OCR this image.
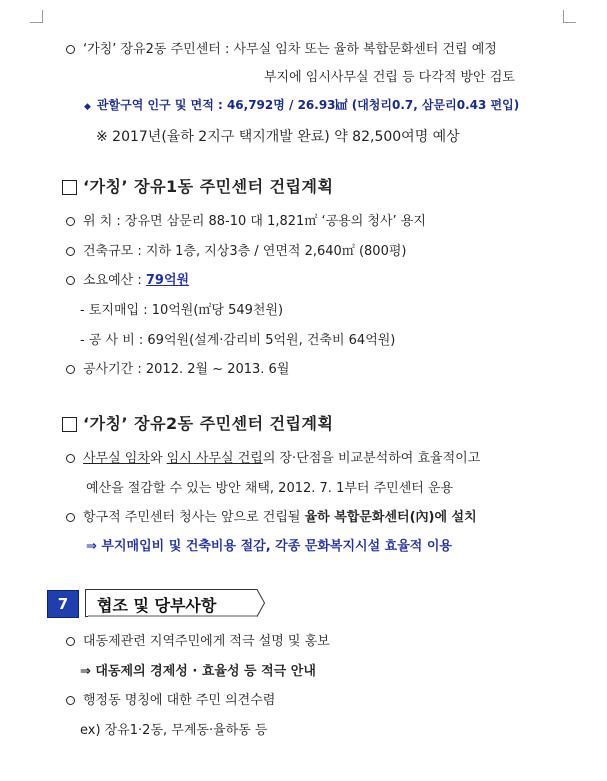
‘가칭’ 장유2동 주민센터 : 사무실 임차 또는 율하 복합문화센터 건립 예정
부지에 임시사무실 건립 등 다각적 방안 검토
◆ 관할구역 인구 및 면적 : 46,792명 / 26.93㎢ (대청리0.7, 삼문리0.43 편입)
※ 2017년(율하 2지구 택지개발 완료) 약 82,500여명 예상
‘가칭’ 장유1동 주민센터 건립계획
위 치 : 장유면 삼문리 88-10 대 1,821㎡ ‘공용의 청사’ 용지
건축규모 : 지하 1층, 지상3층 / 연면적 2,640㎡ (800평)
소요예산 : 79억원
- 토지매입 : 10억원(㎡당 549천원)
- 공 사 비 : 69억원(설계·감리비 5억원, 건축비 64억원)
공사기간 : 2012. 2월 ~ 2013. 6월
‘가칭’ 장유2동 주민센터 건립계획
사무실 임차와 임시 사무실 건립의 장·단점을 비교분석하여 효율적이고
예산을 절감할 수 있는 방안 채택, 2012. 7. 1부터 주민센터 운용
항구적 주민센터 청사는 앞으로 건립될 율하 복합문화센터(內)에 설치
⇒ 부지매입비 및 건축비용 절감, 각종 문화복지시설 효율적 이용
7	협조 및 당부사항
대동제관련 지역주민에게 적극 설명 및 홍보
⇒ 대동제의 경제성 · 효율성 등 적극 안내
행정동 명칭에 대한 주민 의견수렴
ex) 장유1·2동, 무계동·율하동 등
